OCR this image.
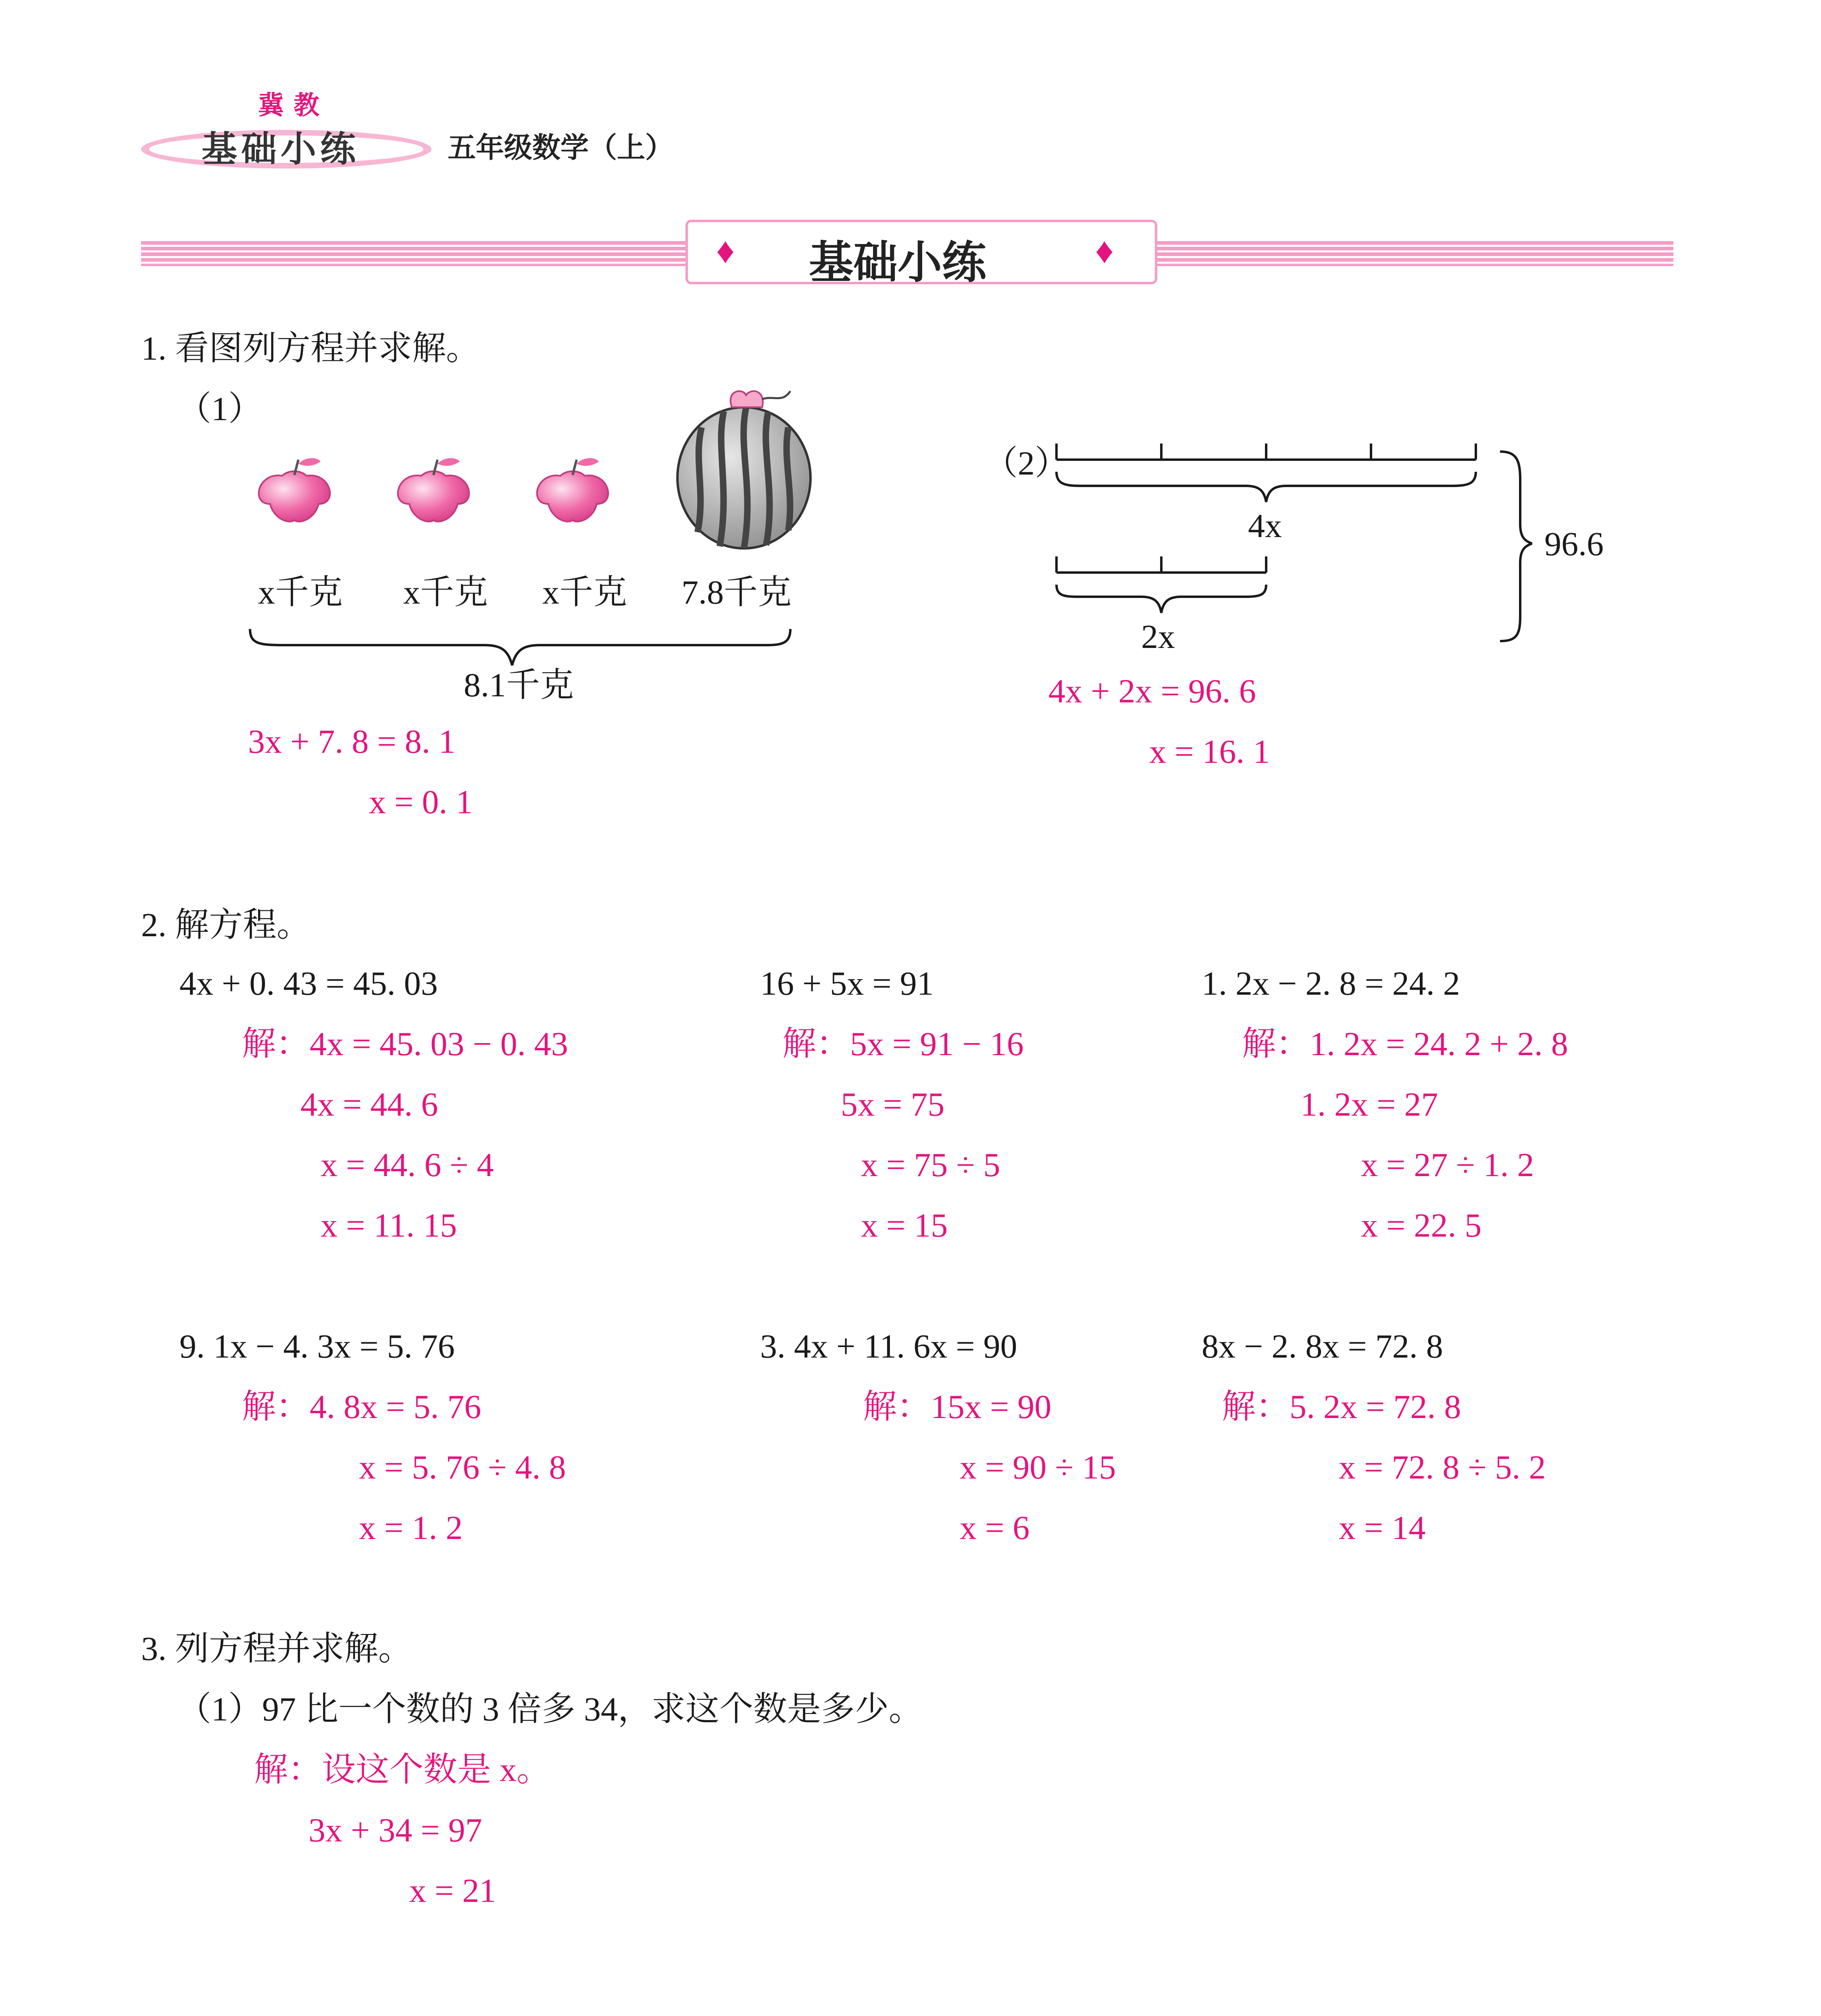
冀教
基础小练	五年级数学（上）
♦ 基础小练	♦
1. 看图列方程并求解。
（1）
x千克 x千克 x千克 7.8千克
8.1千克
3x + 7. 8 = 8. 1
x = 0. 1
（2）
4x
2x
96.6
4x + 2x = 96. 6
x = 16. 1
2. 解方程。
4x + 0. 43 = 45. 03
解：4x = 45. 03 − 0. 43
4x = 44. 6
x = 44. 6 ÷ 4
x = 11. 15
16 + 5x = 91
解：5x = 91 − 16
5x = 75
x = 75 ÷ 5
x = 15
1. 2x − 2. 8 = 24. 2
解：1. 2x = 24. 2 + 2. 8
1. 2x = 27
x = 27 ÷ 1. 2
x = 22. 5
9. 1x − 4. 3x = 5. 76
解：4. 8x = 5. 76
x = 5. 76 ÷ 4. 8
x = 1. 2
3. 4x + 11. 6x = 90
解：15x = 90
x = 90 ÷ 15
x = 6
8x − 2. 8x = 72. 8
解：5. 2x = 72. 8
x = 72. 8 ÷ 5. 2
x = 14
3. 列方程并求解。
（1）97 比一个数的 3 倍多 34，求这个数是多少。
解：设这个数是 x。
3x + 34 = 97
x = 21
